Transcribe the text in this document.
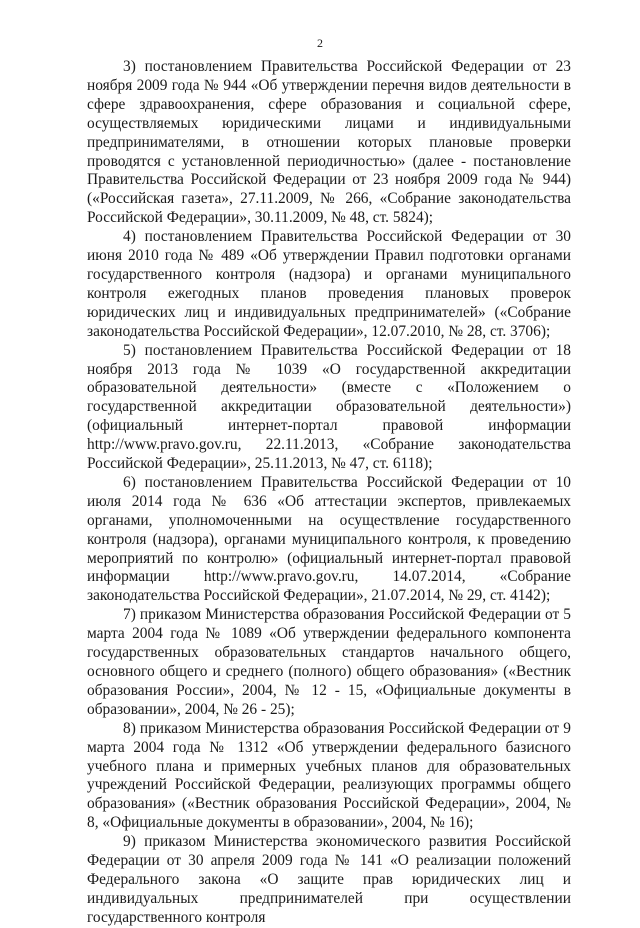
2

3) постановлением Правительства Российской Федерации от 23 ноября 2009 года № 944 «Об утверждении перечня видов деятельности в сфере здравоохранения, сфере образования и социальной сфере, осуществляемых юридическими лицами и индивидуальными предпринимателями, в отношении которых плановые проверки проводятся с установленной периодичностью» (далее - постановление Правительства Российской Федерации от 23 ноября 2009 года № 944) («Российская газета», 27.11.2009, № 266, «Собрание законодательства Российской Федерации», 30.11.2009, № 48, ст. 5824);

4) постановлением Правительства Российской Федерации от 30 июня 2010 года № 489 «Об утверждении Правил подготовки органами государственного контроля (надзора) и органами муниципального контроля ежегодных планов проведения плановых проверок юридических лиц и индивидуальных предпринимателей» («Собрание законодательства Российской Федерации», 12.07.2010, № 28, ст. 3706);

5) постановлением Правительства Российской Федерации от 18 ноября 2013 года № 1039 «О государственной аккредитации образовательной деятельности» (вместе с «Положением о государственной аккредитации образовательной деятельности») (официальный интернет-портал правовой информации http://www.pravo.gov.ru, 22.11.2013, «Собрание законодательства Российской Федерации», 25.11.2013, № 47, ст. 6118);

6) постановлением Правительства Российской Федерации от 10 июля 2014 года № 636 «Об аттестации экспертов, привлекаемых органами, уполномоченными на осуществление государственного контроля (надзора), органами муниципального контроля, к проведению мероприятий по контролю» (официальный интернет-портал правовой информации http://www.pravo.gov.ru, 14.07.2014, «Собрание законодательства Российской Федерации», 21.07.2014, № 29, ст. 4142);

7) приказом Министерства образования Российской Федерации от 5 марта 2004 года № 1089 «Об утверждении федерального компонента государственных образовательных стандартов начального общего, основного общего и среднего (полного) общего образования» («Вестник образования России», 2004, № 12 - 15, «Официальные документы в образовании», 2004, № 26 - 25);

8) приказом Министерства образования Российской Федерации от 9 марта 2004 года № 1312 «Об утверждении федерального базисного учебного плана и примерных учебных планов для образовательных учреждений Российской Федерации, реализующих программы общего образования» («Вестник образования Российской Федерации», 2004, № 8, «Официальные документы в образовании», 2004, № 16);

9) приказом Министерства экономического развития Российской Федерации от 30 апреля 2009 года № 141 «О реализации положений Федерального закона «О защите прав юридических лиц и индивидуальных предпринимателей при осуществлении государственного контроля
